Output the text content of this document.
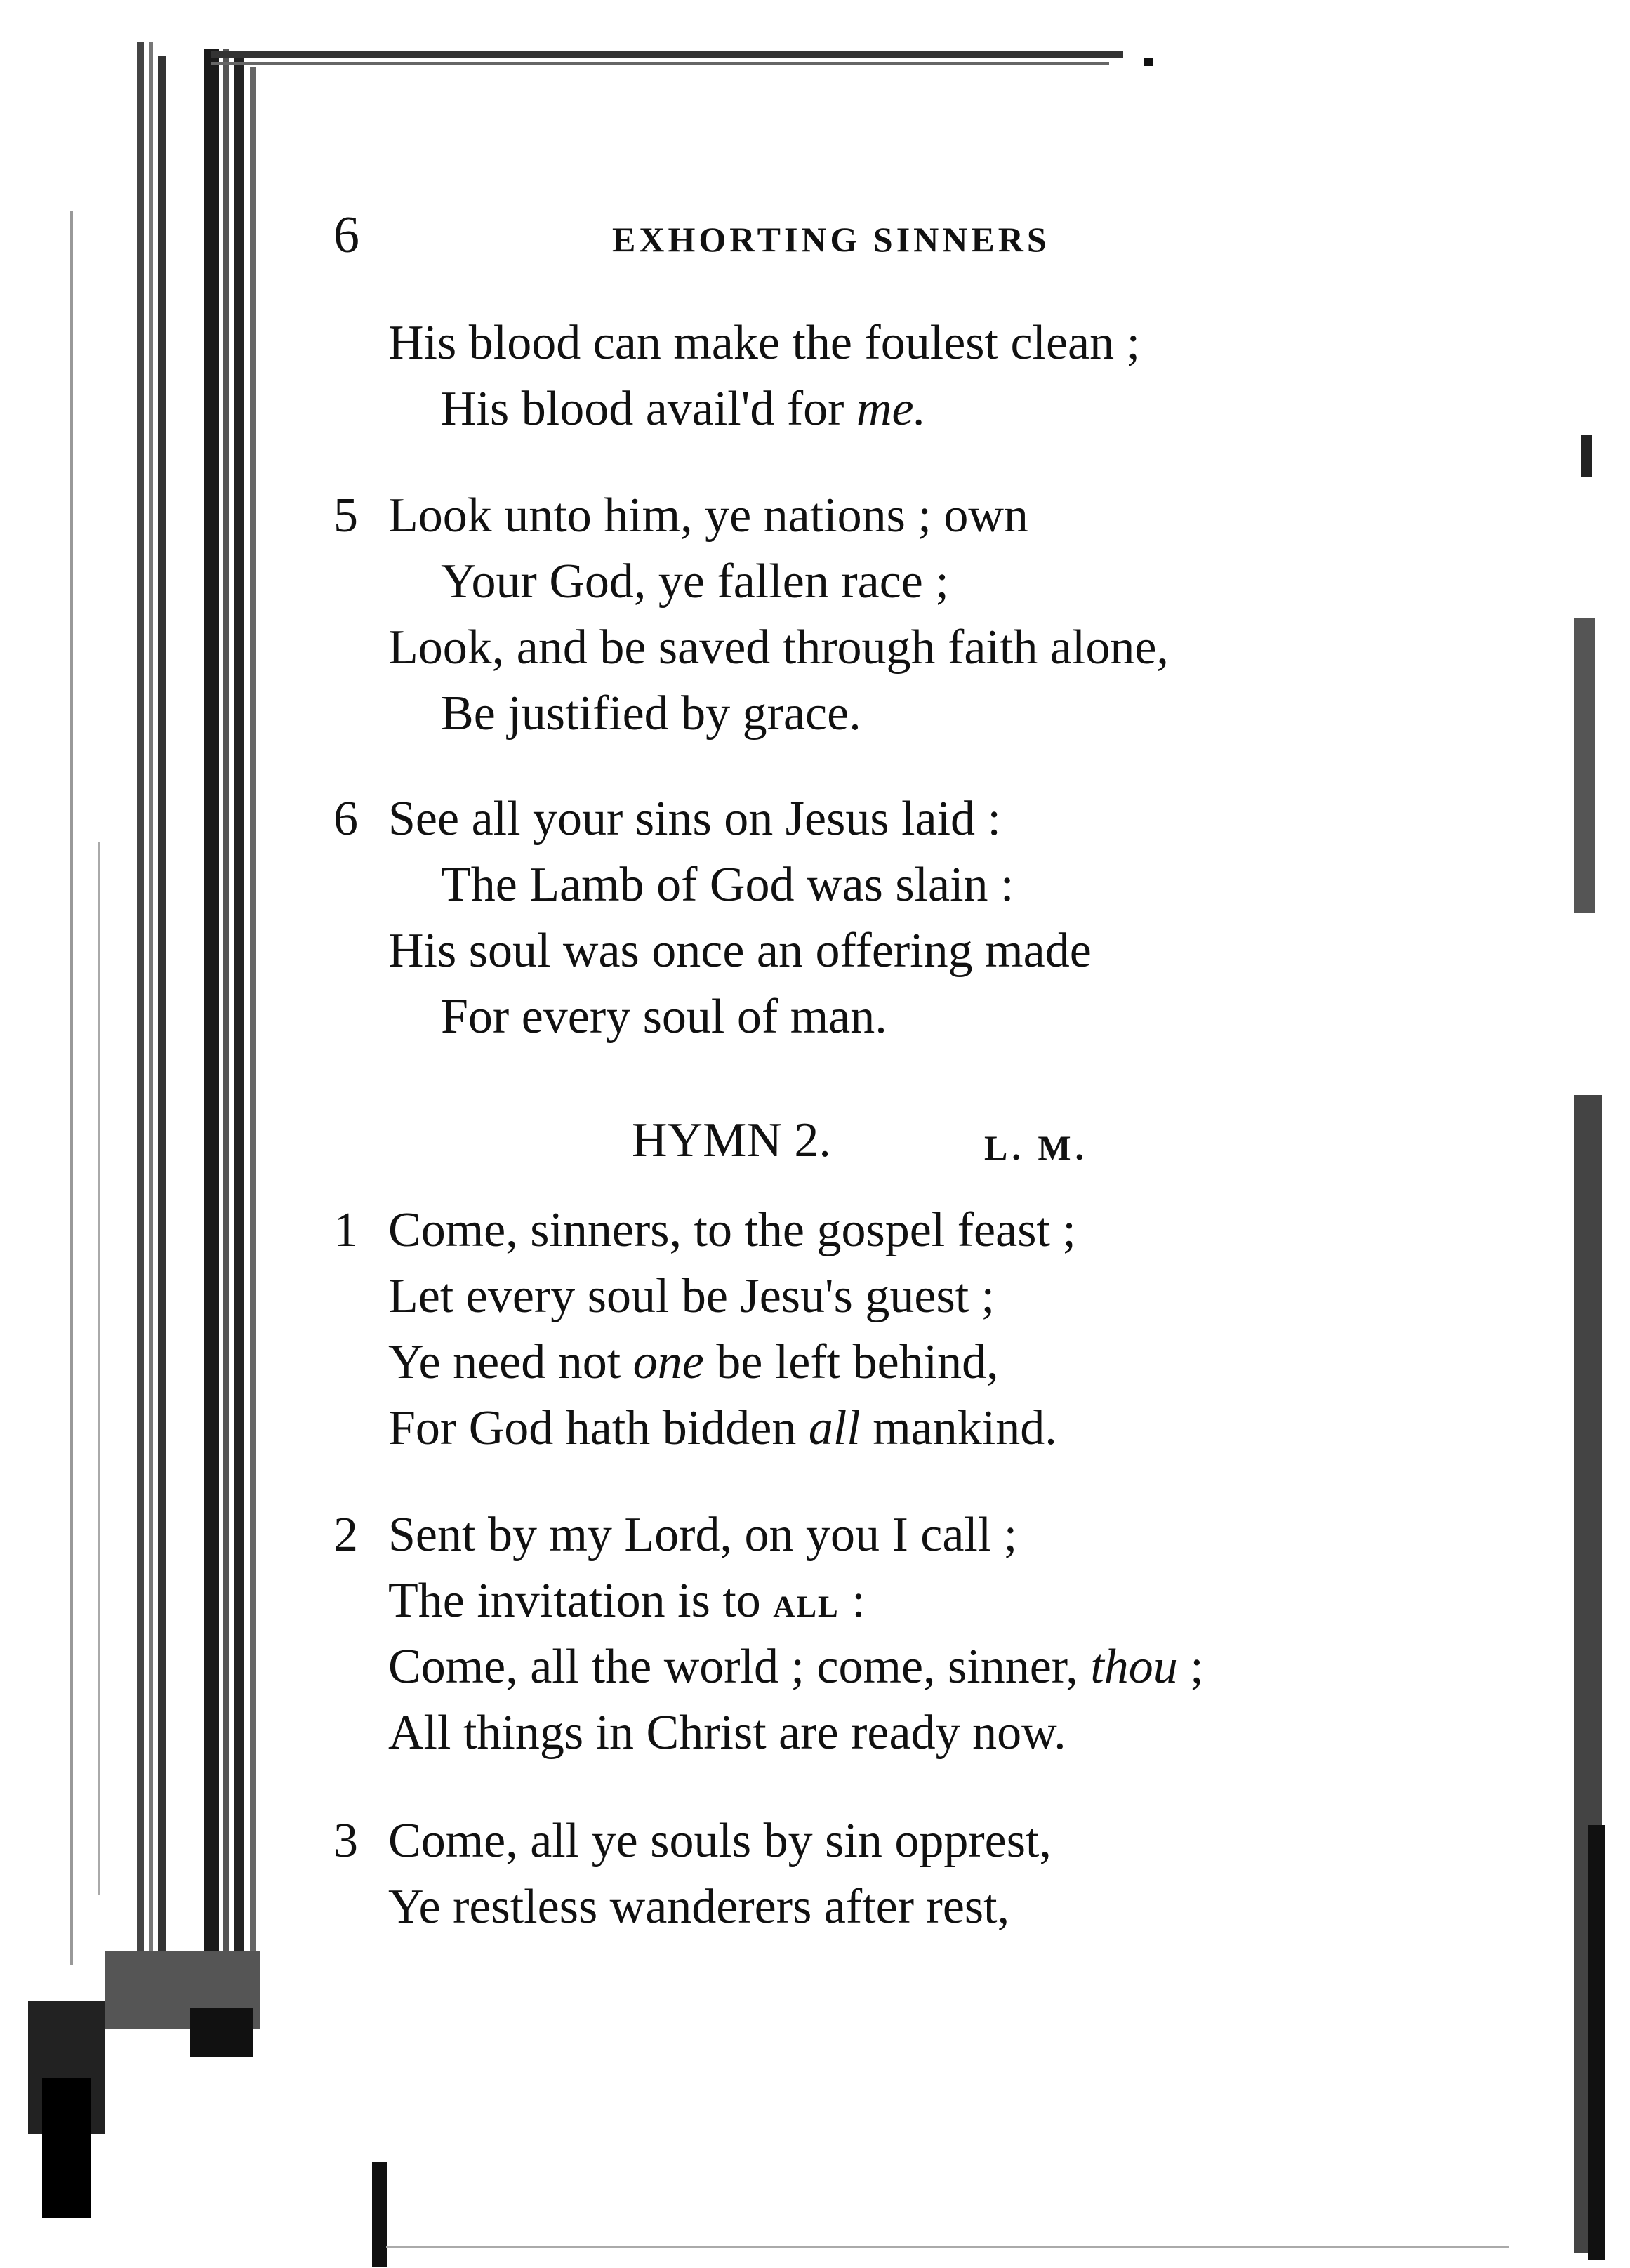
6	EXHORTING SINNERS
His blood can make the foulest clean ;
His blood avail'd for me.
5 Look unto him, ye nations ; own
Your God, ye fallen race ;
Look, and be saved through faith alone,
Be justified by grace.
6 See all your sins on Jesus laid :
The Lamb of God was slain :
His soul was once an offering made
For every soul of man.
HYMN 2.	L. M.
1 Come, sinners, to the gospel feast ;
Let every soul be Jesu's guest ;
Ye need not one be left behind,
For God hath bidden all mankind.
2 Sent by my Lord, on you I call ;
The invitation is to all :
Come, all the world ; come, sinner, thou ;
All things in Christ are ready now.
3 Come, all ye souls by sin opprest,
Ye restless wanderers after rest,
